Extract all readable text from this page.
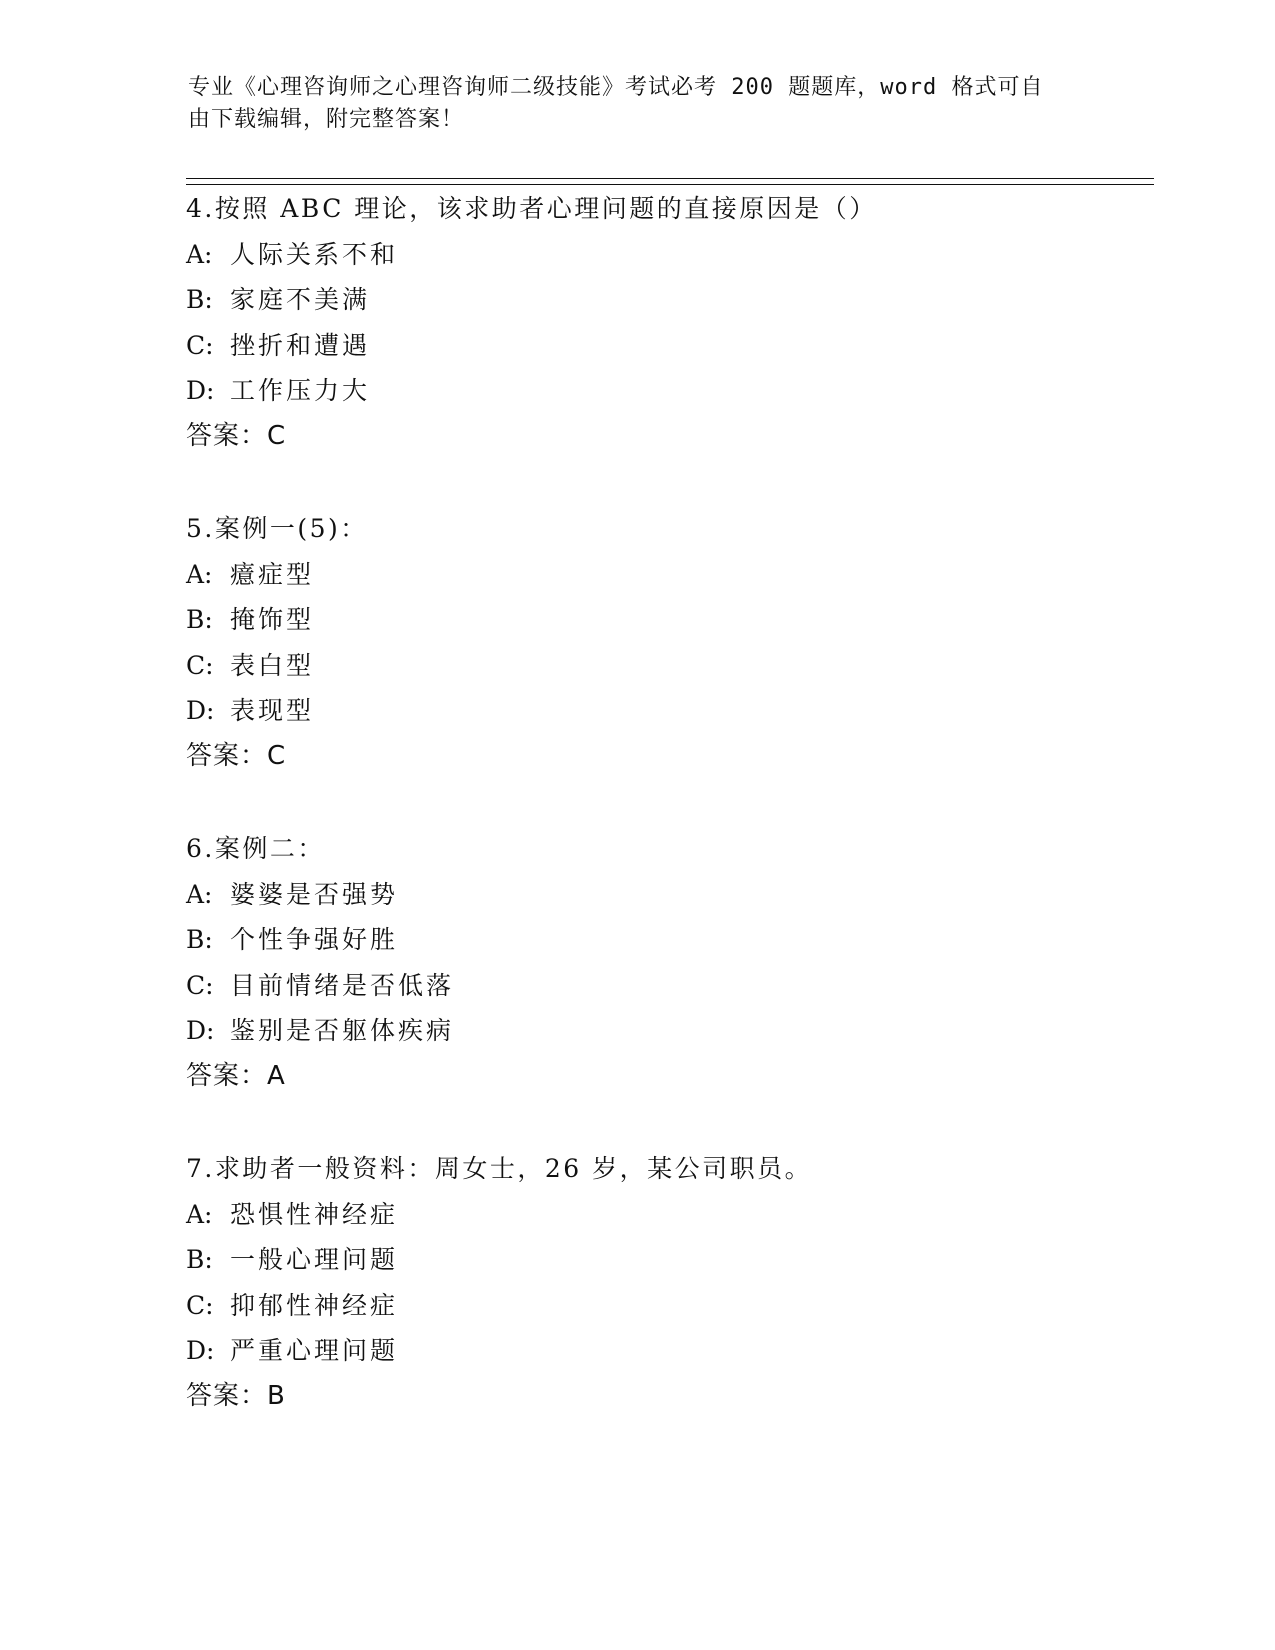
专业《心理咨询师之心理咨询师二级技能》考试必考 200 题题库，word 格式可自
由下载编辑，附完整答案！
4.按照 ABC 理论，该求助者心理问题的直接原因是（）
A: 人际关系不和
B: 家庭不美满
C: 挫折和遭遇
D: 工作压力大
答案：C
5.案例一(5)：
A: 癔症型
B: 掩饰型
C: 表白型
D: 表现型
答案：C
6.案例二：
A: 婆婆是否强势
B: 个性争强好胜
C: 目前情绪是否低落
D: 鉴别是否躯体疾病
答案：A
7.求助者一般资料：周女士，26 岁，某公司职员。
A: 恐惧性神经症
B: 一般心理问题
C: 抑郁性神经症
D: 严重心理问题
答案：B
